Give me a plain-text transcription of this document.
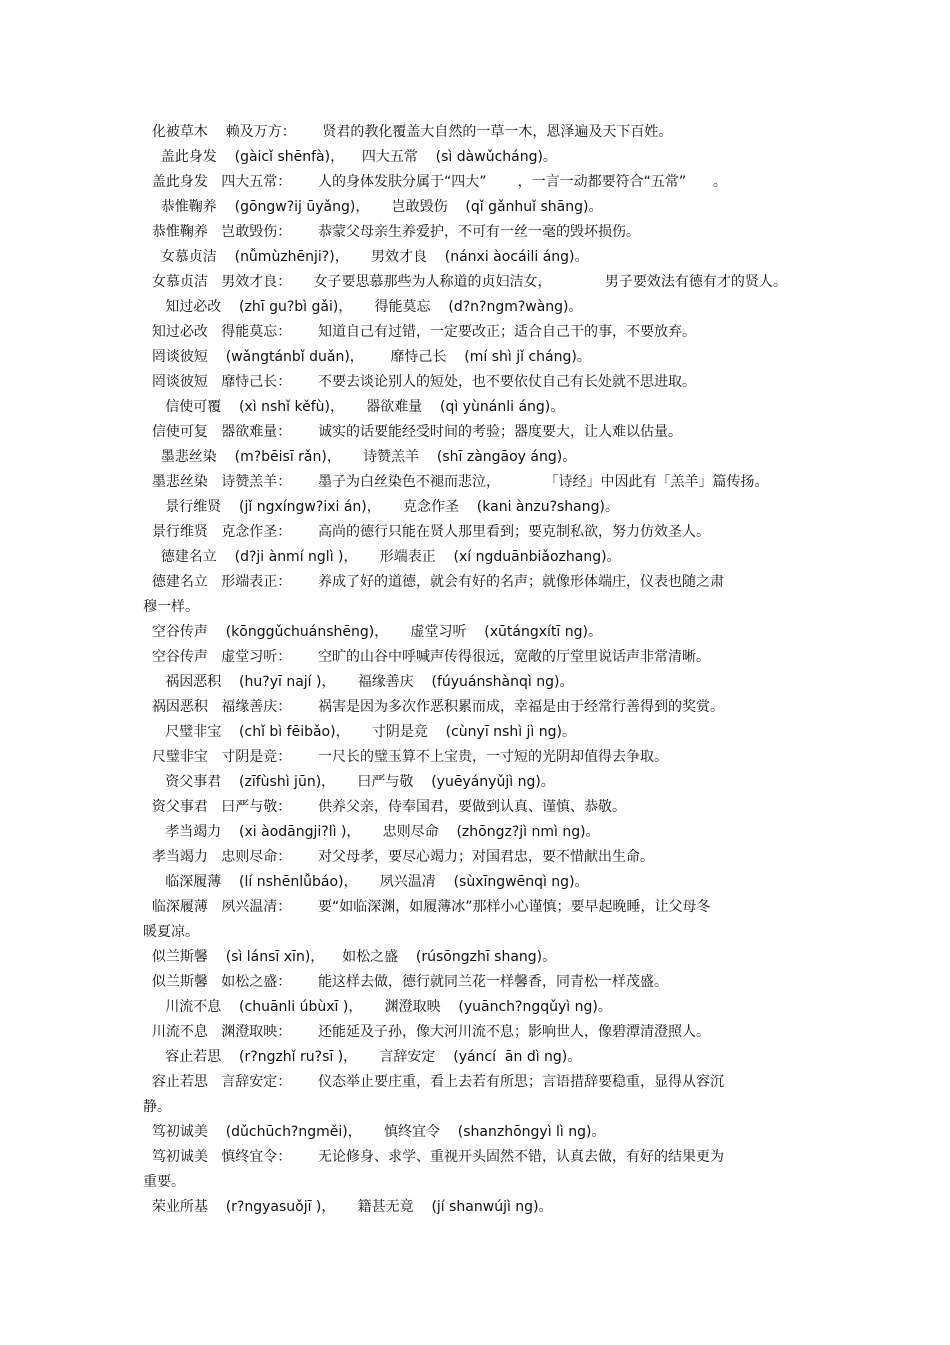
化被草木    赖及万方：      贤君的教化覆盖大自然的一草一木，恩泽遍及天下百姓。
盖此身发    (gàicǐ shēnfà)，    四大五常    (sì dàwǔcháng)。
盖此身发   四大五常：      人的身体发肤分属于“四大”       ，一言一动都要符合“五常”      。
恭惟鞠养    (gōngw?ij ūyǎng)，     岂敢毁伤    (qǐ gǎnhuǐ shāng)。
恭惟鞠养   岂敢毁伤：      恭蒙父母亲生养爱护，不可有一丝一毫的毁坏损伤。
女慕贞洁    (nǚmùzhēnji?)，     男效才良    (nánxi àocáili áng)。
女慕贞洁   男效才良：     女子要思慕那些为人称道的贞妇洁女，            男子要效法有德有才的贤人。
知过必改    (zhī gu?bì gǎi)，     得能莫忘    (d?n?ngm?wàng)。
知过必改   得能莫忘：      知道自己有过错，一定要改正；适合自己干的事，不要放弃。
罔谈彼短    (wǎngtánbǐ duǎn)，      靡恃己长    (mí shì jǐ cháng)。
罔谈彼短   靡恃己长：      不要去谈论别人的短处，也不要依仗自己有长处就不思进取。
信使可覆    (xì nshǐ kěfù)，     器欲难量    (qì yùnánli áng)。
信使可复   器欲难量：      诚实的话要能经受时间的考验；器度要大，让人难以估量。
墨悲丝染    (m?bēisī rǎn)，     诗赞羔羊    (shī zàngāoy áng)。
墨悲丝染   诗赞羔羊：      墨子为白丝染色不褪而悲泣，          「诗经」中因此有「羔羊」篇传扬。
景行维贤    (jǐ ngxíngw?ixi án)，     克念作圣    (kani ànzu?shang)。
景行维贤   克念作圣：      高尚的德行只能在贤人那里看到；要克制私欲，努力仿效圣人。
德建名立    (d?ji ànmí nglì )，     形端表正    (xí ngduānbiǎozhang)。
德建名立   形端表正：      养成了好的道德，就会有好的名声；就像形体端庄，仪表也随之肃
穆一样。
空谷传声    (kōnggǔchuánshēng)，     虚堂习听    (xūtángxítī ng)。
空谷传声   虚堂习听：      空旷的山谷中呼喊声传得很远，宽敞的厅堂里说话声非常清晰。
祸因恶积    (hu?yī nají )，     福缘善庆    (fúyuánshànqì ng)。
祸因恶积   福缘善庆：      祸害是因为多次作恶积累而成，幸福是由于经常行善得到的奖赏。
尺璧非宝    (chǐ bì fēibǎo)，     寸阴是竞    (cùnyī nshì jì ng)。
尺璧非宝   寸阴是竞：      一尺长的璧玉算不上宝贵，一寸短的光阴却值得去争取。
资父事君    (zīfùshì jūn)，     曰严与敬    (yuēyányǔjì ng)。
资父事君   曰严与敬：      供养父亲，侍奉国君，要做到认真、谨慎、恭敬。
孝当竭力    (xi àodāngji?lì )，     忠则尽命    (zhōngz?jì nmì ng)。
孝当竭力   忠则尽命：      对父母孝，要尽心竭力；对国君忠，要不惜献出生命。
临深履薄    (lí nshēnlǚbáo)，     夙兴温凊    (sùxīngwēnqì ng)。
临深履薄   夙兴温凊：      要“如临深渊，如履薄冰”那样小心谨慎；要早起晚睡，让父母冬
暖夏凉。
似兰斯馨    (sì lánsī xīn)，    如松之盛    (rúsōngzhī shang)。
似兰斯馨   如松之盛：      能这样去做，德行就同兰花一样馨香，同青松一样茂盛。
川流不息    (chuānli úbùxī )，     渊澄取映    (yuānch?ngqǔyì ng)。
川流不息   渊澄取映：      还能延及子孙，像大河川流不息；影响世人，像碧潭清澄照人。
容止若思    (r?ngzhǐ ru?sī )，     言辞安定    (yáncí  ān dì ng)。
容止若思   言辞安定：      仪态举止要庄重，看上去若有所思；言语措辞要稳重，显得从容沉
静。
笃初诚美    (dǔchūch?ngměi)，     慎终宜令    (shanzhōngyì lì ng)。
笃初诚美   慎终宜令：      无论修身、求学、重视开头固然不错，认真去做，有好的结果更为
重要。
荣业所基    (r?ngyasuǒjī )，     籍甚无竟    (jí shanwújì ng)。
